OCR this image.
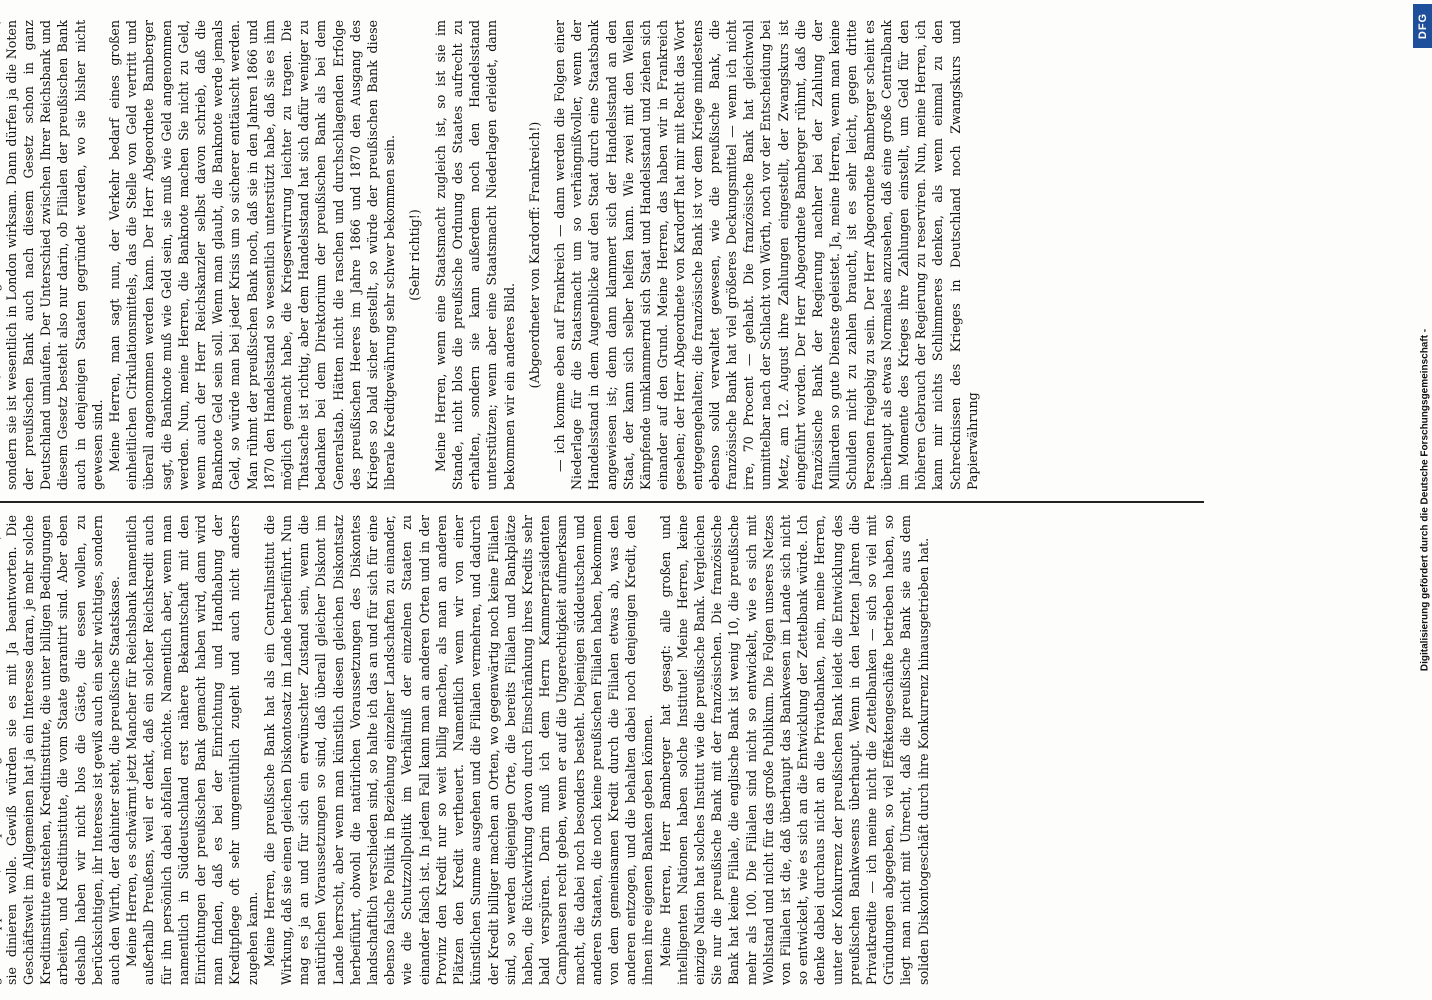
sie dinieren wolle. Gewiß würden sie es mit Ja beantworten. Die Geschäftswelt im Allgemeinen hat ja ein Interesse daran, je mehr solche Kreditinstitute entstehen, Kreditinstitute, die unter billigen Bedingungen arbeiten, und Kreditinstitute, die vom Staate garantirt sind. Aber eben deshalb haben wir nicht blos die Gäste, die essen wollen, zu berücksichtigen, ihr Interesse ist gewiß auch ein sehr wichtiges, sondern auch den Wirth, der dahinter steht, die preußische Staatskasse. Meine Herren, es schwärmt jetzt Mancher für Reichsbank namentlich außerhalb Preußens, weil er denkt, daß ein solcher Reichskredit auch für ihn persönlich dabei abfallen möchte. Namentlich aber, wenn man namentlich in Süddeutschland erst nähere Bekanntschaft mit den Einrichtungen der preußischen Bank gemacht haben wird, dann wird man finden, daß es bei der Einrichtung und Handhabung der Kreditpflege oft sehr umgemüthlich zugeht und auch nicht anders zugehen kann. Meine Herren, die preußische Bank hat als ein Centralinstitut die Wirkung, daß sie einen gleichen Diskontosatz im Lande herbeiführt. Nun mag es ja an und für sich ein erwünschter Zustand sein, wenn die natürlichen Voraussetzungen so sind, daß überall gleicher Diskont im Lande herrscht, aber wenn man künstlich diesen gleichen Diskontsatz herbeiführt, obwohl die natürlichen Voraussetzungen des Diskontes landschaftlich verschieden sind, so halte ich das an und für sich für eine ebenso falsche Politik in Beziehung einzelner Landschaften zu einander, wie die Schutzzollpolitik im Verhältniß der einzelnen Staaten zu einander falsch ist. In jedem Fall kann man an anderen Orten und in der Provinz den Kredit nur so weit billig machen, als man an anderen Plätzen den Kredit vertheuert. Namentlich wenn wir von einer künstlichen Summe ausgehen und die Filialen vermehren, und dadurch der Kredit billiger machen an Orten, wo gegenwärtig noch keine Filialen sind, so werden diejenigen Orte, die bereits Filialen und Bankplätze haben, die Rückwirkung davon durch Einschränkung ihres Kredits sehr bald verspüren. Darin muß ich dem Herrn Kammerpräsidenten Camphausen recht geben, wenn er auf die Ungerechtigkeit aufmerksam macht, die dabei noch besonders besteht. Diejenigen süddeutschen und anderen Staaten, die noch keine preußischen Filialen haben, bekommen von dem gemeinsamen Kredit durch die Filialen etwas ab, was den anderen entzogen, und die behalten dabei noch denjenigen Kredit, den ihnen ihre eigenen Banken geben können. Meine Herren, Herr Bamberger hat gesagt: alle großen und intelligenten Nationen haben solche Institute! Meine Herren, keine einzige Nation hat solches Institut wie die preußische Bank. Vergleichen Sie nur die preußische Bank mit der französischen. Die französische Bank hat keine Filiale, die englische Bank ist wenig 10, die preußische mehr als 100. Die Filialen sind nicht so entwickelt, wie es sich mit Wohlstand und nicht für das große Publikum. Die Folgen unseres Netzes von Filialen ist die, daß überhaupt das Bankwesen im Lande sich nicht so entwickelt, wie es sich an die Entwicklung der Zettelbank würde. Ich denke dabei durchaus nicht an die Privatbanken, nein, meine Herren, unter der Konkurrenz der preußischen Bank leidet die Entwicklung des preußischen Bankwesens überhaupt. Wenn in den letzten Jahren die Privatkredite — ich meine nicht die Zettelbanken — sich so viel mit Gründungen abgegeben, so viel Effektengeschäfte betrieben haben, so liegt man nicht mit Unrecht, daß die preußische Bank sie aus dem soliden Diskontogeschäft durch ihre Konkurrenz hinausgetrieben hat.

sondern sie ist wesentlich in London wirksam. Dann dürfen ja die Noten der preußischen Bank auch nach diesem Gesetz schon in ganz Deutschland umlaufen. Der Unterschied zwischen Ihrer Reichsbank und diesem Gesetz besteht also nur darin, ob Filialen der preußischen Bank auch in denjenigen Staaten gegründet werden, wo sie bisher nicht gewesen sind. Meine Herren, man sagt nun, der Verkehr bedarf eines großen einheitlichen Cirkulationsmittels, das die Stelle von Geld vertritt und überall angenommen werden kann. Der Herr Abgeordnete Bamberger sagt, die Banknote muß wie Geld sein, sie muß wie Geld angenommen werden. Nun, meine Herren, die Banknote machen Sie nicht zu Geld, wenn auch der Herr Reichskanzler selbst davon schrieb, daß die Banknote Geld sein soll. Wenn man glaubt, die Banknote werde jemals Geld, so würde man bei jeder Krisis um so sicherer enttäuscht werden. Man rühmt der preußischen Bank noch, daß sie in den Jahren 1866 und 1870 den Handelsstand so wesentlich unterstützt habe, daß sie es ihm möglich gemacht habe, die Kriegserwirrung leichter zu tragen. Die Thatsache ist richtig, aber dem Handelsstand hat sich dafür weniger zu bedanken bei dem Direktorium der preußischen Bank als bei dem Generalstab. Hätten nicht die raschen und durchschlagenden Erfolge des preußischen Heeres im Jahre 1866 und 1870 den Ausgang des Krieges so bald sicher gestellt, so würde der preußischen Bank diese liberale Kreditgewährung sehr schwer bekommen sein. (Sehr richtig!) Meine Herren, wenn eine Staatsmacht zugleich ist, so ist sie im Stande, nicht blos die preußische Ordnung des Staates aufrecht zu erhalten, sondern sie kann außerdem noch den Handelsstand unterstützen; wenn aber eine Staatsmacht Niederlagen erleidet, dann bekommen wir ein anderes Bild. (Abgeordneter von Kardorff: Frankreich!) — ich komme eben auf Frankreich — dann werden die Folgen einer Niederlage für die Staatsmacht um so verhängnißvoller, wenn der Handelsstand in dem Augenblicke auf den Staat durch eine Staatsbank angewiesen ist; denn dann klammert sich der Handelsstand an den Staat, der kann sich selber helfen kann. Wie zwei mit den Wellen Kämpfende umklammernd sich Staat und Handelsstand und ziehen sich einander auf den Grund. Meine Herren, das haben wir in Frankreich gesehen; der Herr Abgeordnete von Kardorff hat mir mit Recht das Wort entgegengehalten; die französische Bank ist vor dem Kriege mindestens ebenso solid verwaltet gewesen, wie die preußische Bank, die französische Bank hat viel größeres Deckungsmittel — wenn ich nicht irre, 70 Procent — gehabt. Die französische Bank hat gleichwohl unmittelbar nach der Schlacht von Wörth, noch vor der Entscheidung bei Metz, am 12. August ihre Zahlungen eingestellt, der Zwangskurs ist eingeführt worden. Der Herr Abgeordnete Bamberger rühmt, daß die französische Bank der Regierung nachher bei der Zahlung der Milliarden so gute Dienste geleistet. Ja, meine Herren, wenn man keine Schulden nicht zu zahlen braucht, ist es sehr leicht, gegen dritte Personen freigebig zu sein. Der Herr Abgeordnete Bamberger scheint es überhaupt als etwas Normales anzusehen, daß eine große Centralbank im Momente des Krieges ihre Zahlungen einstellt, um Geld für den höheren Gebrauch der Regierung zu reserviren. Nun, meine Herren, ich kann mir nichts Schlimmeres denken, als wenn einmal zu den Schrecknissen des Krieges in Deutschland noch Zwangskurs und Papierwährung

DFG
Digitalisierung gefördert durch die Deutsche Forschungsgemeinschaft -
